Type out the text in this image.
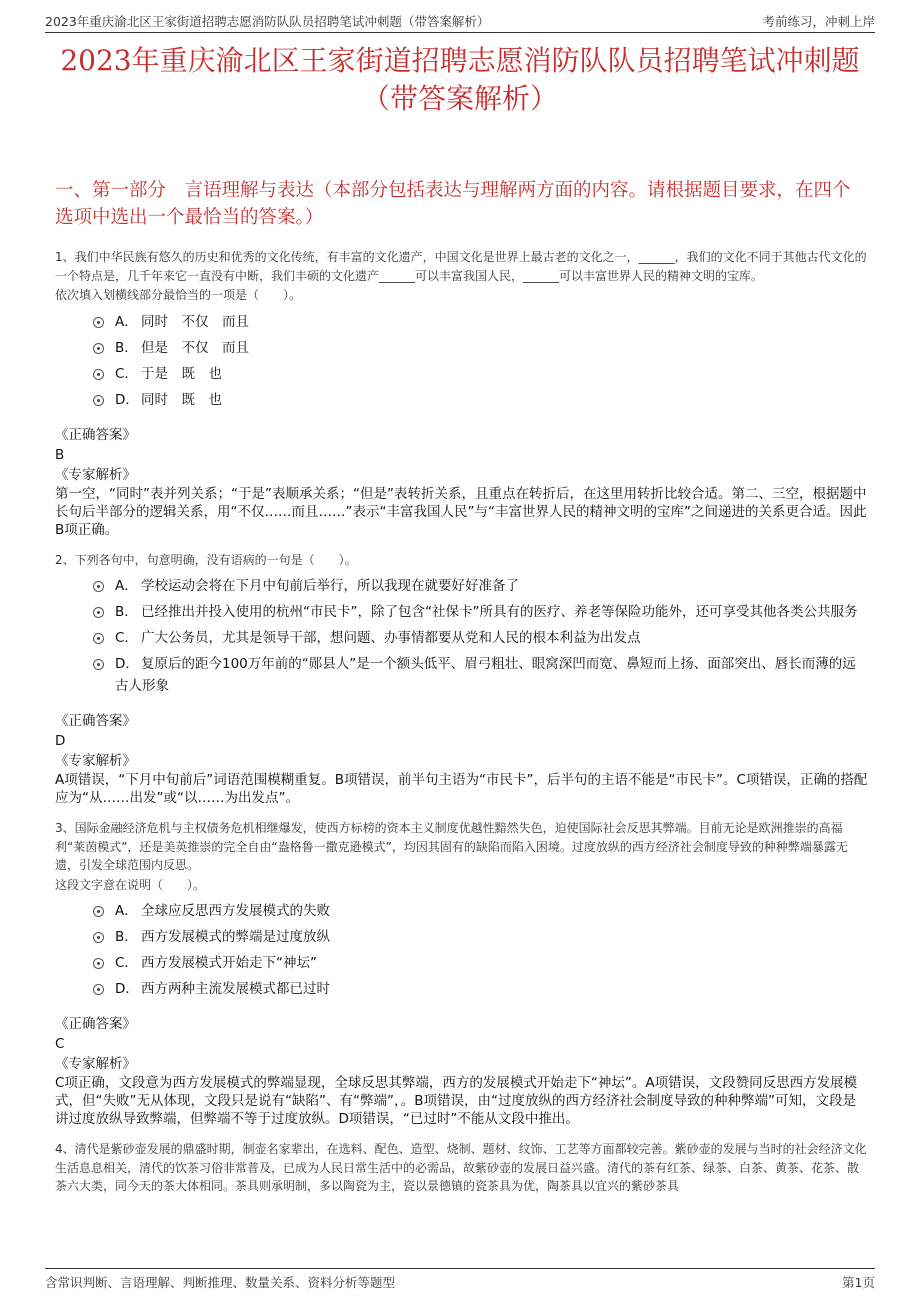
2023年重庆渝北区王家街道招聘志愿消防队队员招聘笔试冲刺题（带答案解析）	考前练习，冲刺上岸
2023年重庆渝北区王家街道招聘志愿消防队队员招聘笔试冲刺题（带答案解析）
一、第一部分　言语理解与表达（本部分包括表达与理解两方面的内容。请根据题目要求，在四个选项中选出一个最恰当的答案。）
1、我们中华民族有悠久的历史和优秀的文化传统，有丰富的文化遗产，中国文化是世界上最古老的文化之一，______，我们的文化不同于其他古代文化的一个特点是，几千年来它一直没有中断，我们丰硕的文化遗产______可以丰富我国人民，______可以丰富世界人民的精神文明的宝库。
依次填入划横线部分最恰当的一项是（　　）。
A． 同时　不仅　而且
B． 但是　不仅　而且
C． 于是　既　也
D． 同时　既　也
《正确答案》
B
《专家解析》
第一空，“同时”表并列关系；“于是”表顺承关系；“但是”表转折关系，且重点在转折后，在这里用转折比较合适。第二、三空，根据题中长句后半部分的逻辑关系，用“不仅……而且……”表示“丰富我国人民”与“丰富世界人民的精神文明的宝库”之间递进的关系更合适。因此B项正确。
2、下列各句中，句意明确，没有语病的一句是（　　）。
A． 学校运动会将在下月中旬前后举行，所以我现在就要好好准备了
B． 已经推出并投入使用的杭州“市民卡”，除了包含“社保卡”所具有的医疗、养老等保险功能外，还可享受其他各类公共服务
C． 广大公务员，尤其是领导干部，想问题、办事情都要从党和人民的根本利益为出发点
D． 复原后的距今100万年前的“郧县人”是一个额头低平、眉弓粗壮、眼窝深凹而宽、鼻短而上扬、面部突出、唇长而薄的远古人形象
《正确答案》
D
《专家解析》
A项错误，“下月中旬前后”词语范围模糊重复。B项错误，前半句主语为“市民卡”，后半句的主语不能是“市民卡”。C项错误，正确的搭配应为“从……出发”或“以……为出发点”。
3、国际金融经济危机与主权债务危机相继爆发，使西方标榜的资本主义制度优越性黯然失色，迫使国际社会反思其弊端。目前无论是欧洲推崇的高福利“莱茵模式”，还是美英推崇的完全自由“盎格鲁一撒克逊模式”，均因其固有的缺陷而陷入困境。过度放纵的西方经济社会制度导致的种种弊端暴露无遗，引发全球范围内反思。
这段文字意在说明（　　）。
A． 全球应反思西方发展模式的失败
B． 西方发展模式的弊端是过度放纵
C． 西方发展模式开始走下“神坛”
D． 西方两种主流发展模式都已过时
《正确答案》
C
《专家解析》
C项正确，文段意为西方发展模式的弊端显现，全球反思其弊端，西方的发展模式开始走下“神坛”。A项错误，文段赞同反思西方发展模式，但“失败”无从体现，文段只是说有“缺陷”、有“弊端”，。B项错误，由“过度放纵的西方经济社会制度导致的种种弊端”可知，文段是讲过度放纵导致弊端，但弊端不等于过度放纵。D项错误，“已过时”不能从文段中推出。
4、清代是紫砂壶发展的鼎盛时期，制壶名家辈出，在选料、配色、造型、烧制、题材、纹饰、工艺等方面都较完善。紫砂壶的发展与当时的社会经济文化生活息息相关，清代的饮茶习俗非常普及，已成为人民日常生活中的必需品，故紫砂壶的发展日益兴盛。清代的茶有红茶、绿茶、白茶、黄茶、花茶、散茶六大类，同今天的茶大体相同。茶具则承明制，多以陶瓷为主，瓷以景德镇的瓷茶具为优，陶茶具以宜兴的紫砂茶具
含常识判断、言语理解、判断推理、数量关系、资料分析等题型	第1页
